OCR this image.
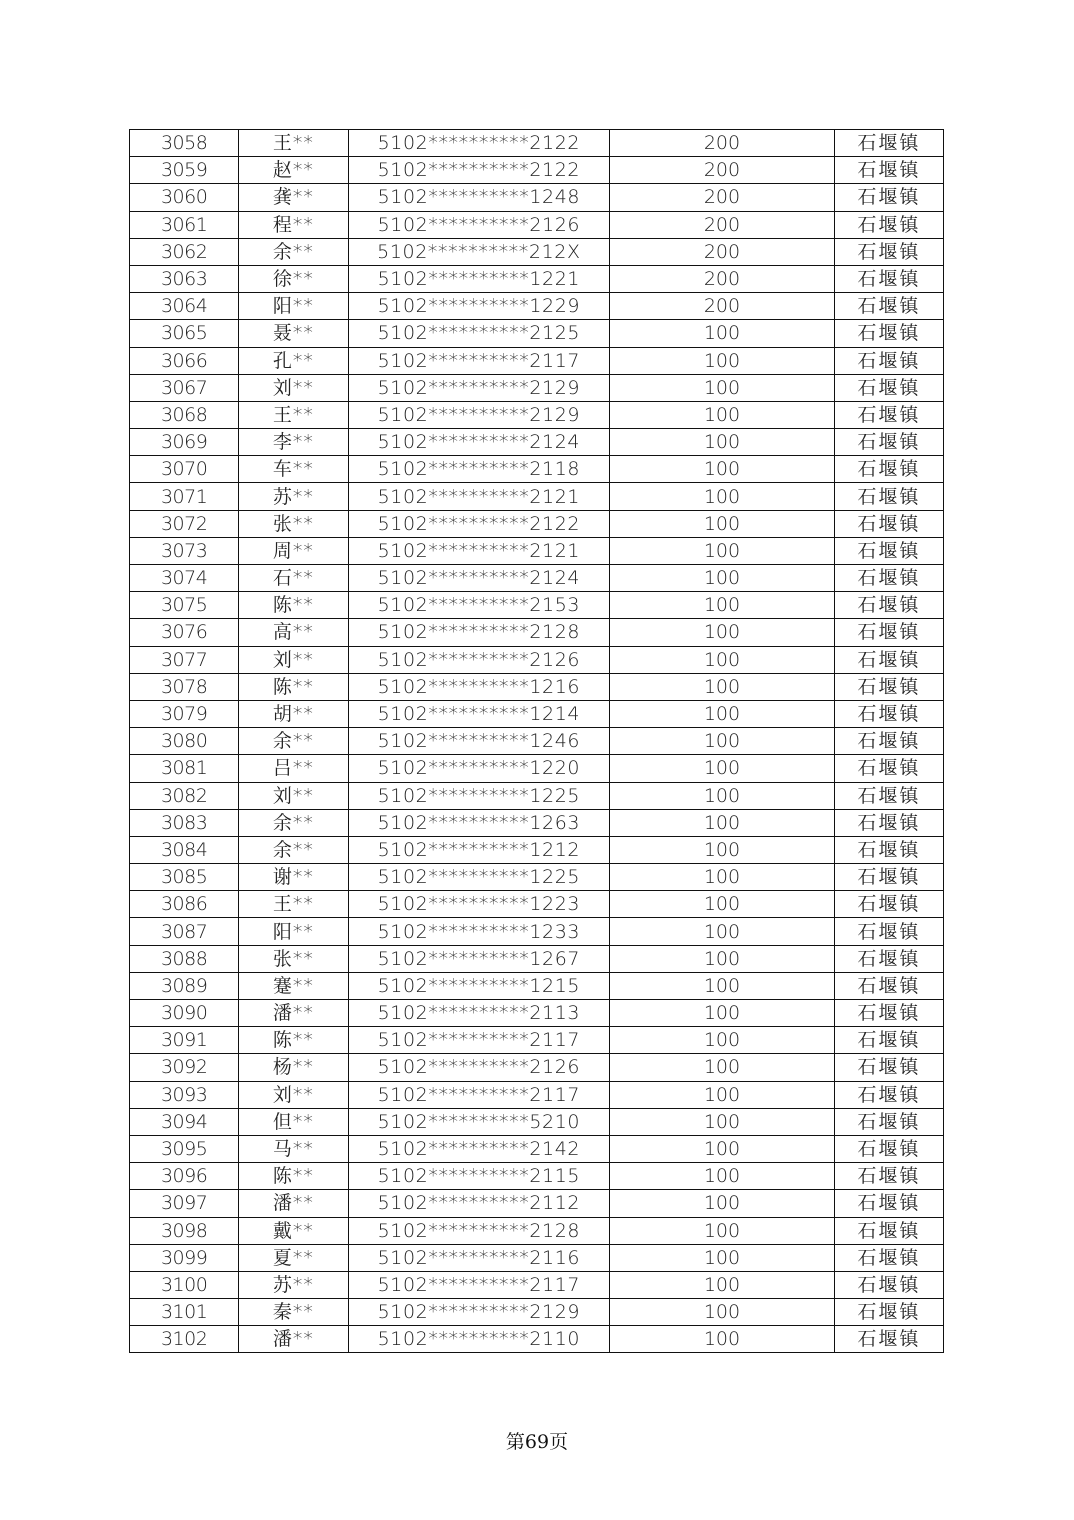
3058	王**	5102**********2122	200	石堰镇
3059	赵**	5102**********2122	200	石堰镇
3060	龚**	5102**********1248	200	石堰镇
3061	程**	5102**********2126	200	石堰镇
3062	余**	5102**********212X	200	石堰镇
3063	徐**	5102**********1221	200	石堰镇
3064	阳**	5102**********1229	200	石堰镇
3065	聂**	5102**********2125	100	石堰镇
3066	孔**	5102**********2117	100	石堰镇
3067	刘**	5102**********2129	100	石堰镇
3068	王**	5102**********2129	100	石堰镇
3069	李**	5102**********2124	100	石堰镇
3070	车**	5102**********2118	100	石堰镇
3071	苏**	5102**********2121	100	石堰镇
3072	张**	5102**********2122	100	石堰镇
3073	周**	5102**********2121	100	石堰镇
3074	石**	5102**********2124	100	石堰镇
3075	陈**	5102**********2153	100	石堰镇
3076	高**	5102**********2128	100	石堰镇
3077	刘**	5102**********2126	100	石堰镇
3078	陈**	5102**********1216	100	石堰镇
3079	胡**	5102**********1214	100	石堰镇
3080	余**	5102**********1246	100	石堰镇
3081	吕**	5102**********1220	100	石堰镇
3082	刘**	5102**********1225	100	石堰镇
3083	余**	5102**********1263	100	石堰镇
3084	余**	5102**********1212	100	石堰镇
3085	谢**	5102**********1225	100	石堰镇
3086	王**	5102**********1223	100	石堰镇
3087	阳**	5102**********1233	100	石堰镇
3088	张**	5102**********1267	100	石堰镇
3089	蹇**	5102**********1215	100	石堰镇
3090	潘**	5102**********2113	100	石堰镇
3091	陈**	5102**********2117	100	石堰镇
3092	杨**	5102**********2126	100	石堰镇
3093	刘**	5102**********2117	100	石堰镇
3094	但**	5102**********5210	100	石堰镇
3095	马**	5102**********2142	100	石堰镇
3096	陈**	5102**********2115	100	石堰镇
3097	潘**	5102**********2112	100	石堰镇
3098	戴**	5102**********2128	100	石堰镇
3099	夏**	5102**********2116	100	石堰镇
3100	苏**	5102**********2117	100	石堰镇
3101	秦**	5102**********2129	100	石堰镇
3102	潘**	5102**********2110	100	石堰镇
第69页
